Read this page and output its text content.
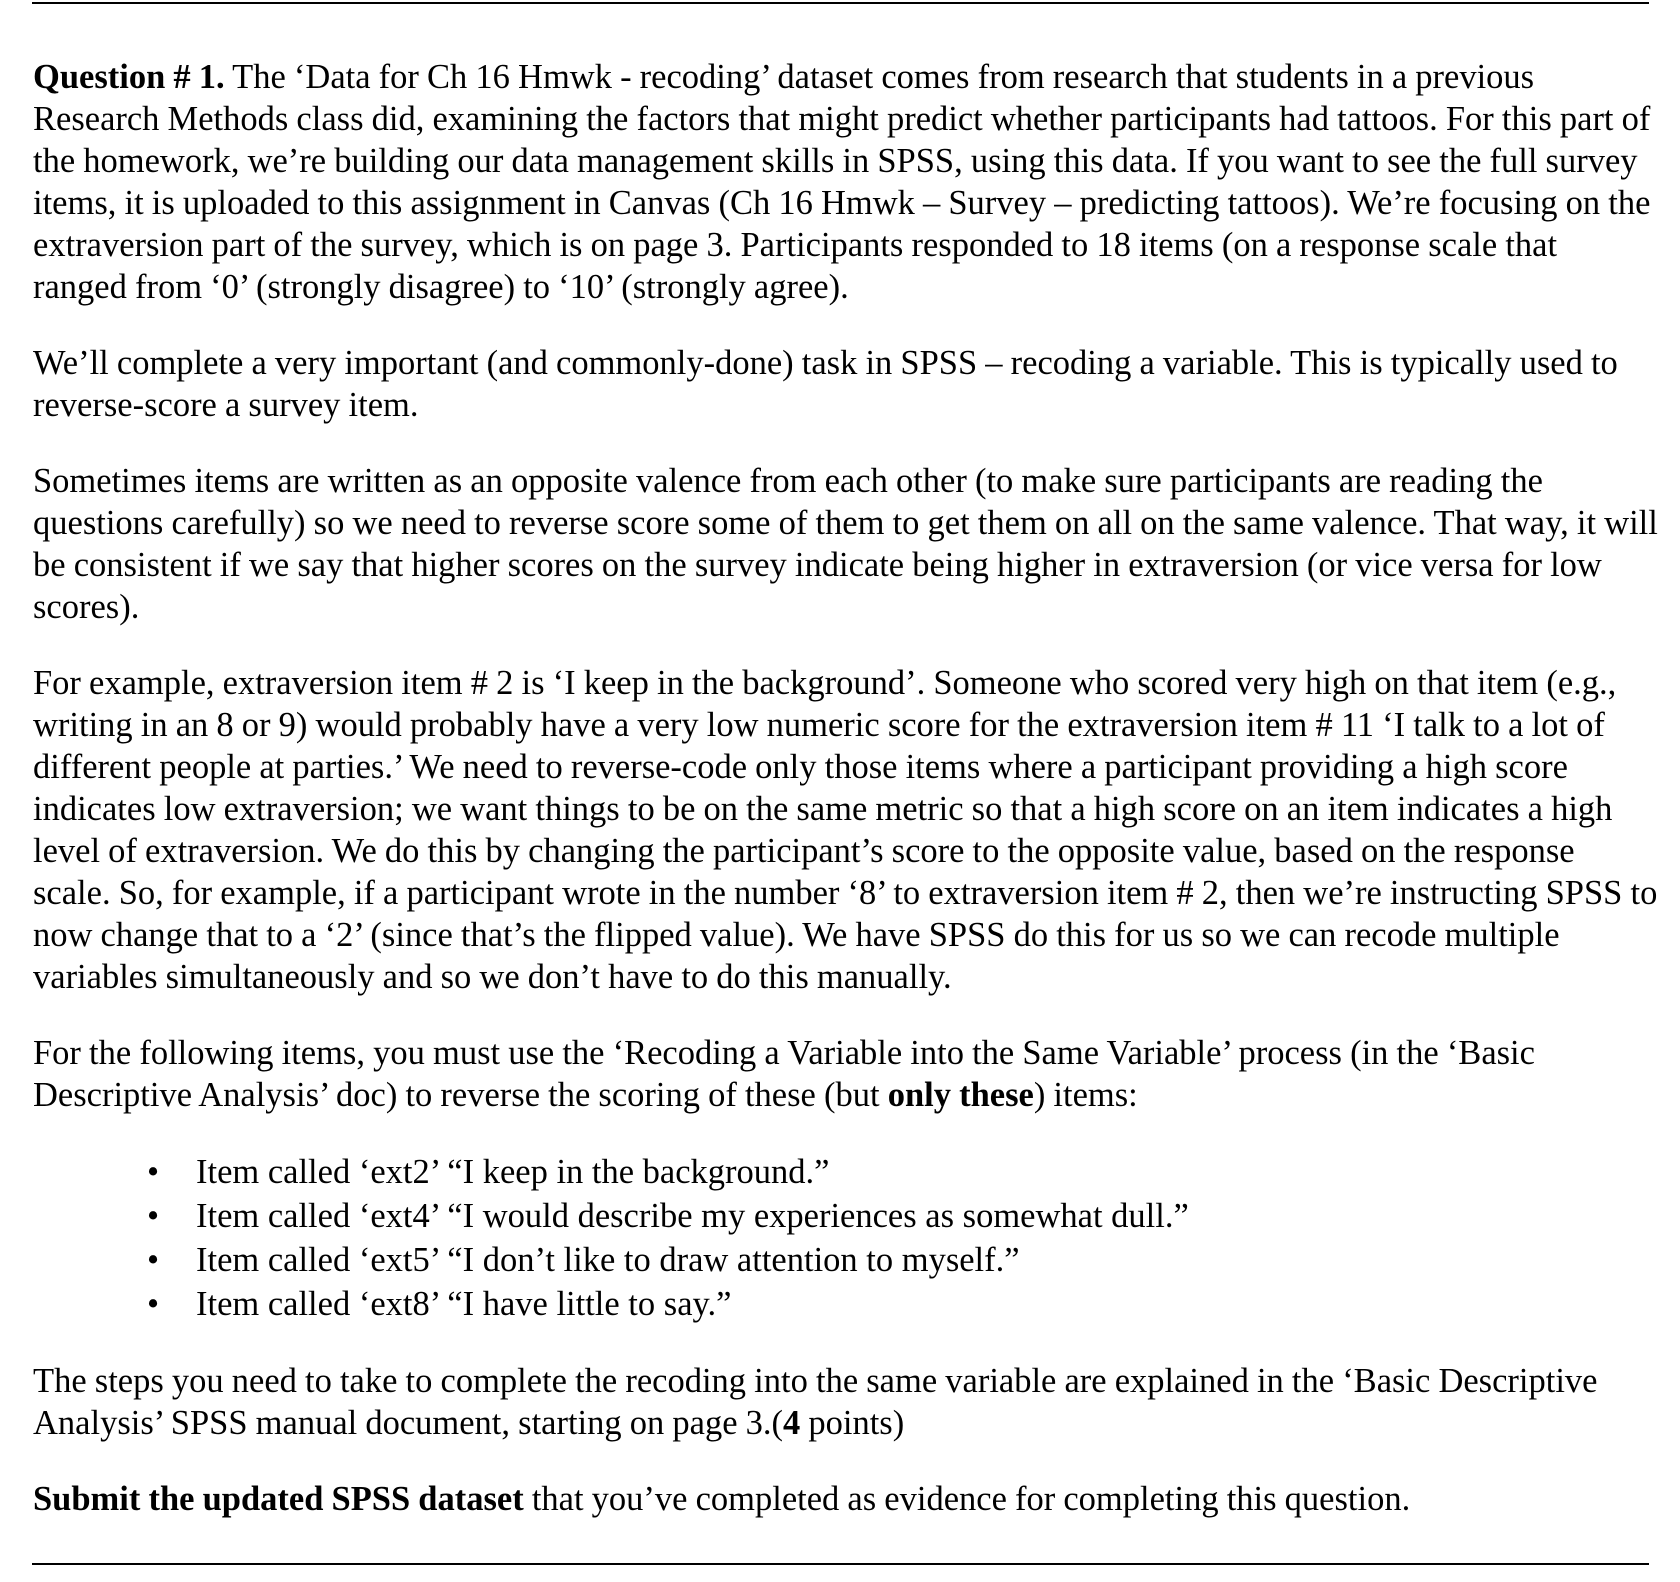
Question # 1. The ‘Data for Ch 16 Hmwk - recoding’ dataset comes from research that students in a previous Research Methods class did, examining the factors that might predict whether participants had tattoos. For this part of the homework, we’re building our data management skills in SPSS, using this data. If you want to see the full survey items, it is uploaded to this assignment in Canvas (Ch 16 Hmwk – Survey – predicting tattoos). We’re focusing on the extraversion part of the survey, which is on page 3. Participants responded to 18 items (on a response scale that ranged from ‘0’ (strongly disagree) to ‘10’ (strongly agree).

We’ll complete a very important (and commonly-done) task in SPSS – recoding a variable. This is typically used to reverse-score a survey item.

Sometimes items are written as an opposite valence from each other (to make sure participants are reading the questions carefully) so we need to reverse score some of them to get them on all on the same valence. That way, it will be consistent if we say that higher scores on the survey indicate being higher in extraversion (or vice versa for low scores).

For example, extraversion item # 2 is ‘I keep in the background’. Someone who scored very high on that item (e.g., writing in an 8 or 9) would probably have a very low numeric score for the extraversion item # 11 ‘I talk to a lot of different people at parties.’ We need to reverse-code only those items where a participant providing a high score indicates low extraversion; we want things to be on the same metric so that a high score on an item indicates a high level of extraversion. We do this by changing the participant’s score to the opposite value, based on the response scale. So, for example, if a participant wrote in the number ‘8’ to extraversion item # 2, then we’re instructing SPSS to now change that to a ‘2’ (since that’s the flipped value). We have SPSS do this for us so we can recode multiple variables simultaneously and so we don’t have to do this manually.

For the following items, you must use the ‘Recoding a Variable into the Same Variable’ process (in the ‘Basic Descriptive Analysis’ doc) to reverse the scoring of these (but only these) items:

• Item called ‘ext2’ “I keep in the background.”
• Item called ‘ext4’ “I would describe my experiences as somewhat dull.”
• Item called ‘ext5’ “I don’t like to draw attention to myself.”
• Item called ‘ext8’ “I have little to say.”

The steps you need to take to complete the recoding into the same variable are explained in the ‘Basic Descriptive Analysis’ SPSS manual document, starting on page 3.(4 points)

Submit the updated SPSS dataset that you’ve completed as evidence for completing this question.
